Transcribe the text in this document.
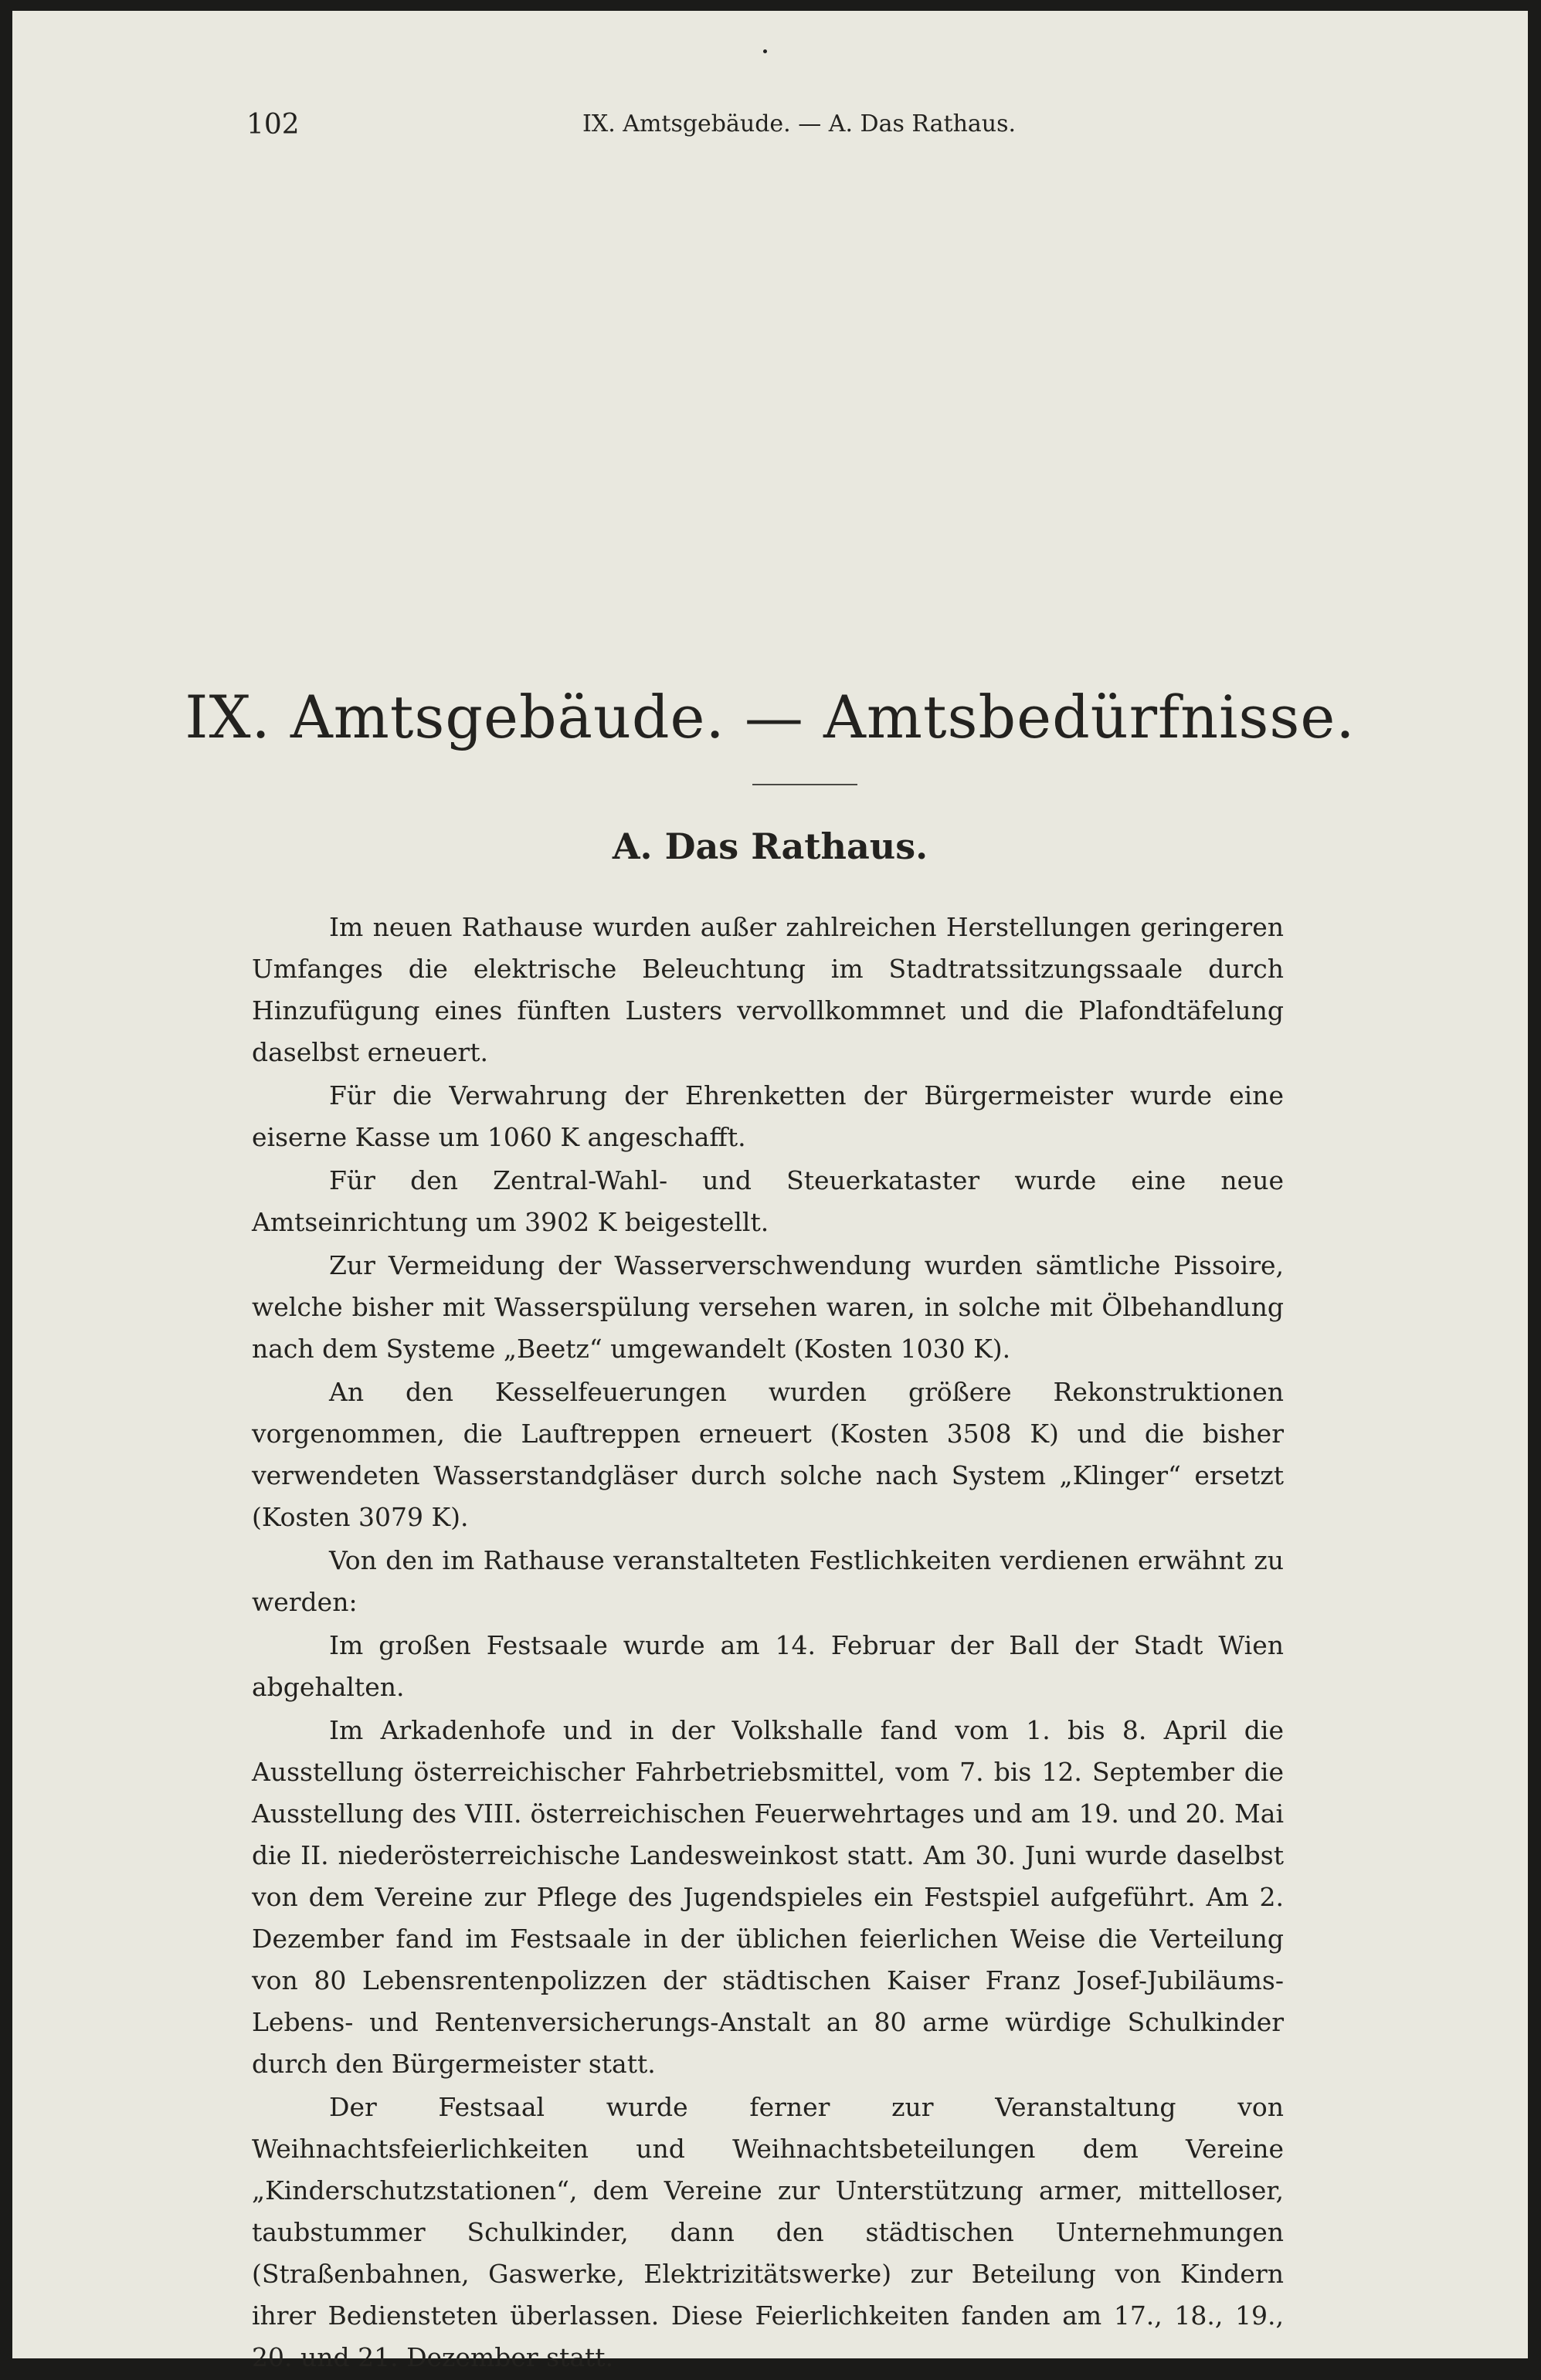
102	IX. Amtsgebäude. — A. Das Rathaus.
IX. Amtsgebäude. — Amtsbedürfnisse.
A. Das Rathaus.

Im neuen Rathause wurden außer zahlreichen Herstellungen geringeren Umfanges die elektrische Beleuchtung im Stadtratssitzungssaale durch Hinzufügung eines fünften Lusters vervollkommnet und die Plafondtäfelung daselbst erneuert.

Für die Verwahrung der Ehrenketten der Bürgermeister wurde eine eiserne Kasse um 1060 K angeschafft.

Für den Zentral-Wahl- und Steuerkataster wurde eine neue Amtseinrichtung um 3902 K beigestellt.

Zur Vermeidung der Wasserverschwendung wurden sämtliche Pissoire, welche bisher mit Wasserspülung versehen waren, in solche mit Ölbehandlung nach dem Systeme „Beetz“ umgewandelt (Kosten 1030 K).

An den Kesselfeuerungen wurden größere Rekonstruktionen vorgenommen, die Lauftreppen erneuert (Kosten 3508 K) und die bisher verwendeten Wasserstandgläser durch solche nach System „Klinger“ ersetzt (Kosten 3079 K).

Von den im Rathause veranstalteten Festlichkeiten verdienen erwähnt zu werden:

Im großen Festsaale wurde am 14. Februar der Ball der Stadt Wien abgehalten.

Im Arkadenhofe und in der Volkshalle fand vom 1. bis 8. April die Ausstellung österreichischer Fahrbetriebsmittel, vom 7. bis 12. September die Ausstellung des VIII. österreichischen Feuerwehrtages und am 19. und 20. Mai die II. niederösterreichische Landesweinkost statt. Am 30. Juni wurde daselbst von dem Vereine zur Pflege des Jugendspieles ein Festspiel aufgeführt. Am 2. Dezember fand im Festsaale in der üblichen feierlichen Weise die Verteilung von 80 Lebensrentenpolizzen der städtischen Kaiser Franz Josef-Jubiläums-Lebens- und Rentenversicherungs-Anstalt an 80 arme würdige Schulkinder durch den Bürgermeister statt.

Der Festsaal wurde ferner zur Veranstaltung von Weihnachtsfeierlichkeiten und Weihnachtsbeteilungen dem Vereine „Kinderschutzstationen“, dem Vereine zur Unterstützung armer, mittelloser, taubstummer Schulkinder, dann den städtischen Unternehmungen (Straßenbahnen, Gaswerke, Elektrizitätswerke) zur Beteilung von Kindern ihrer Bediensteten überlassen. Diese Feierlichkeiten fanden am 17., 18., 19., 20. und 21. Dezember statt.
